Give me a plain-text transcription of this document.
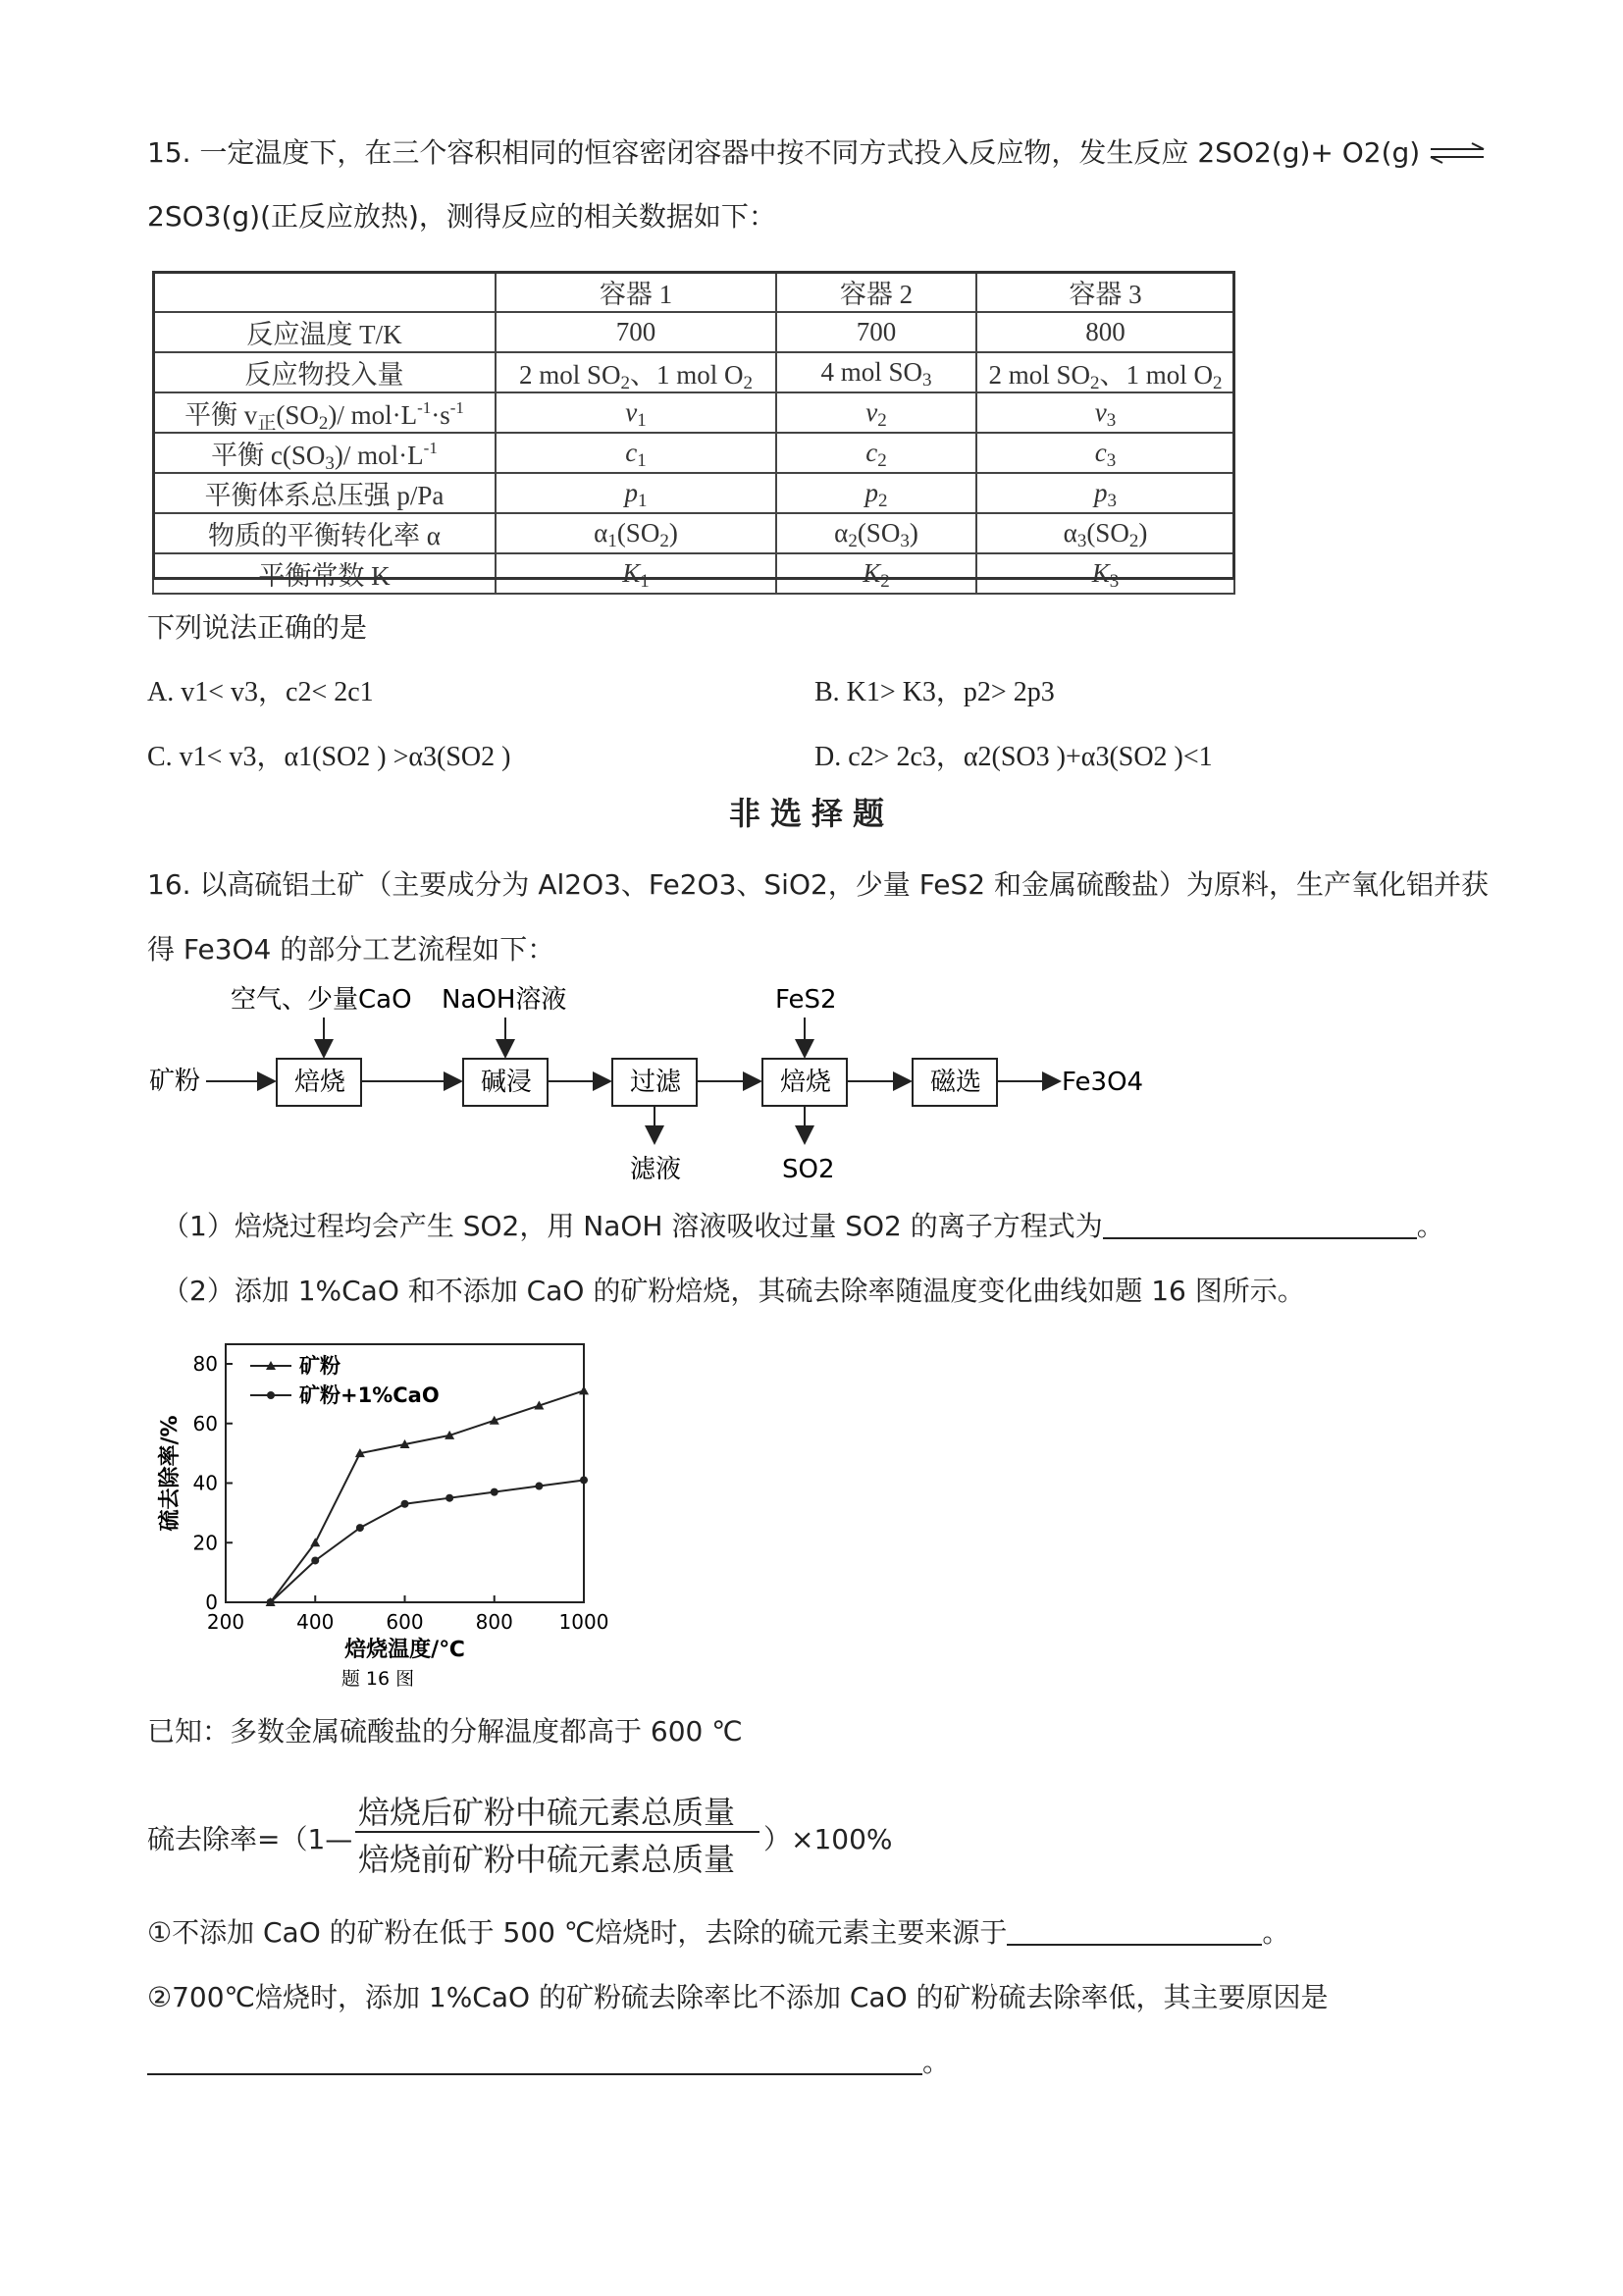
15. 一定温度下，在三个容积相同的恒容密闭容器中按不同方式投入反应物，发生反应 2SO2(g)+ O2(g) ⇌
2SO3(g)(正反应放热)，测得反应的相关数据如下：
	容器 1	容器 2	容器 3
反应温度 T/K	700	700	800
反应物投入量	2 mol $SO_2$、1 mol $O_2$	4 mol $SO_3$	2 mol $SO_2$、1 mol $O_2$
平衡 $v_正(SO_2)/$ $mol\cdot L^{-1}\cdot s^{-1}$	$v_1$	$v_2$	$v_3$
平衡 $c(SO_3)/$ $mol\cdot L^{-1}$	$c_1$	$c_2$	$c_3$
平衡体系总压强 p/Pa	$p_1$	$p_2$	$p_3$
物质的平衡转化率 α	$\alpha_1(SO_2)$	$\alpha_2(SO_3)$	$\alpha_3(SO_2)$
平衡常数 K	$K_1$	$K_2$	$K_3$
下列说法正确的是
A. v1< v3，c2< 2c1	B. K1> K3，p2> 2p3
C. v1< v3，α1(SO2 ) >α3(SO2 )	D. c2> 2c3，α2(SO3 )+α3(SO2 )<1
非选择题
16. 以高硫铝土矿（主要成分为 Al2O3、Fe2O3、SiO2，少量 FeS2 和金属硫酸盐）为原料，生产氧化铝并获
得 Fe3O4 的部分工艺流程如下：
空气、少量CaO NaOH溶液	FeS2
矿粉	焙烧	碱浸	过滤
滤液
焙烧
SO2
磁选	Fe3O4
（1）焙烧过程均会产生 SO2，用 NaOH 溶液吸收过量 SO2 的离子方程式为	。
（2）添加 1%CaO 和不添加 CaO 的矿粉焙烧，其硫去除率随温度变化曲线如题 16 图所示。
200	400	600	800 1000
0
20
40
60
80
焙烧温度/℃
硫去除率/%
矿粉
矿粉+1%CaO
题 16 图
已知：多数金属硫酸盐的分解温度都高于 600 ℃
硫去除率=（1—
焙烧后矿粉中硫元素总质量
焙烧前矿粉中硫元素总质量
）×100%
①不添加 CaO 的矿粉在低于 500 ℃焙烧时，去除的硫元素主要来源于	。
②700℃焙烧时，添加 1%CaO 的矿粉硫去除率比不添加 CaO 的矿粉硫去除率低，其主要原因是
。
